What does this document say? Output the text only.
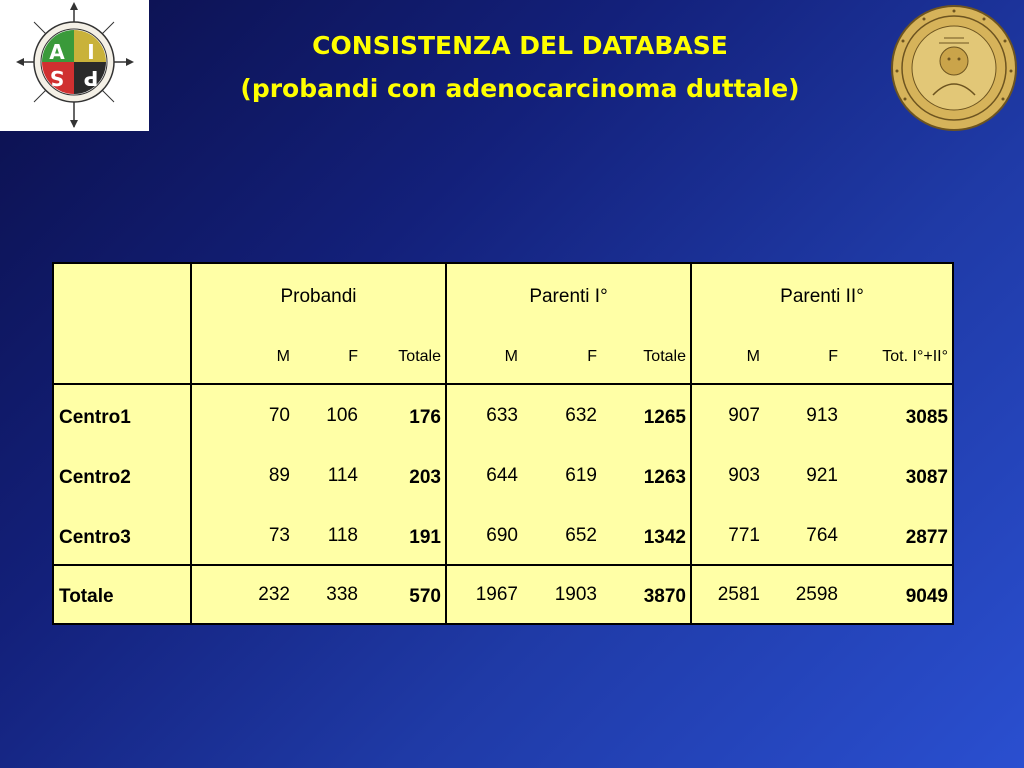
A I
S P
CONSISTENZA DEL DATABASE
(probandi con adenocarcinoma duttale)
Probandi	Parenti I°	Parenti II°
M	F	Totale	M	F	Totale	M	F	Tot. I°+II°
Centro1	70	106	176	633	632	1265	907	913	3085
Centro2	89	114	203	644	619	1263	903	921	3087
Centro3	73	118	191	690	652	1342	771	764	2877
Totale	232	338	570	1967	1903	3870	2581	2598	9049
